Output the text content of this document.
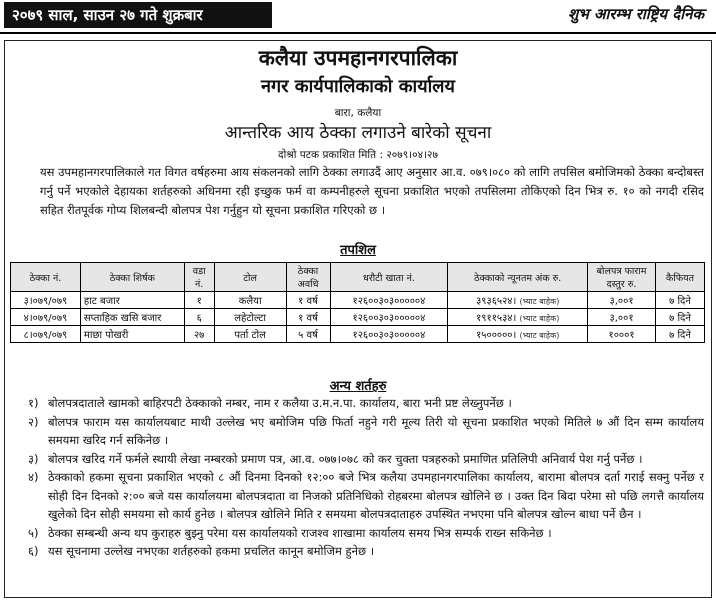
२०७९ साल, साउन २७ गते शुक्रबार	शुभ आरम्भ राष्ट्रिय दैनिक
कलैया उपमहानगरपालिका
नगर कार्यपालिकाको कार्यालय
बारा, कलैया
आन्तरिक आय ठेक्का लगाउने बारेको सूचना
दोश्रो पटक प्रकाशित मिति : २०७९।०४।२७

यस उपमहानगरपालिकाले गत विगत वर्षहरुमा आय संकलनको लागि ठेक्का लगाउदैं आए अनुसार आ.व. ०७९।०८० को लागि तपसिल बमोजिमको ठेक्का बन्दोबस्त गर्नु पर्ने भएकोले देहायका शर्तहरुको अधिनमा रही इच्छुक फर्म वा कम्पनीहरुले सूचना प्रकाशित भएको तपसिलमा तोकिएको दिन भित्र रु. १० को नगदी रसिद सहित रीतपूर्वक गोप्य शिलबन्दी बोलपत्र पेश गर्नुहुन यो सूचना प्रकाशित गरिएको छ ।

तपशिल
ठेक्का नं.	ठेक्का शिर्षक	वडा नं.	टोल	ठेक्का अवधि	धरौटी खाता नं.	ठेक्काको न्यूनतम अंक रु.	बोलपत्र फाराम दस्तुर रु.	कैफियत
३।०७९/०७९	हाट बजार	१	कलैया	१ वर्ष	१२६००३०३०००००४	३९३६५२४। (भ्याट बाहेक)	३,००१	७ दिने
४।०७९/०७९	सप्ताहिक खसि बजार	६	लहेटोल्टा	१ वर्ष	१२६००३०३०००००४	१९११५३४। (भ्याट बाहेक)	३,००१	७ दिने
८।०७९/०७९	माछा पोखरी	२७	पर्ता टोल	५ वर्ष	१२६००३०३०००००४	१५०००००। (भ्याट बाहेक)	१०००१	७ दिने
अन्य शर्तहरु
१) बोलपत्रदाताले खामको बाहिरपटी ठेक्काको नम्बर, नाम र कलैया उ.म.न.पा. कार्यालय, बारा भनी प्रष्ट लेख्नुपर्नेछ ।
२) बोलपत्र फाराम यस कार्यालयबाट माथी उल्लेख भए बमोजिम पछि फिर्ता नहुने गरी मूल्य तिरी यो सूचना प्रकाशित भएको मितिले ७ औं दिन सम्म कार्यालय समयमा खरिद गर्न सकिनेछ ।
३) बोलपत्र खरिद गर्ने फर्मले स्थायी लेखा नम्बरको प्रमाण पत्र, आ.व. ०७७।०७८ को कर चुक्ता पत्रहरुको प्रमाणित प्रतिलिपी अनिवार्य पेश गर्नु पर्नेछ ।
४) ठेक्काको हकमा सूचना प्रकाशित भएको ८ औं दिनमा दिनको १२:०० बजे भित्र कलैया उपमहानगरपालिका कार्यालय, बारामा बोलपत्र दर्ता गराई सक्नु पर्नेछ र सोही दिन दिनको २:०० बजे यस कार्यालयमा बोलपत्रदाता वा निजको प्रतिनिधिको रोहबरमा बोलपत्र खोलिने छ । उक्त दिन बिदा परेमा सो पछि लगत्तै कार्यालय खुलेको दिन सोही समयमा सो कार्य हुनेछ । बोलपत्र खोलिने मिति र समयमा बोलपत्रदाताहरु उपस्थित नभएमा पनि बोलपत्र खोल्न बाधा पर्ने छैन ।
५) ठेक्का सम्बन्धी अन्य थप कुराहरु बुझ्नु परेमा यस कार्यालयको राजश्व शाखामा कार्यालय समय भित्र सम्पर्क राख्न सकिनेछ ।
६) यस सूचनामा उल्लेख नभएका शर्तहरुको हकमा प्रचलित कानून बमोजिम हुनेछ ।
